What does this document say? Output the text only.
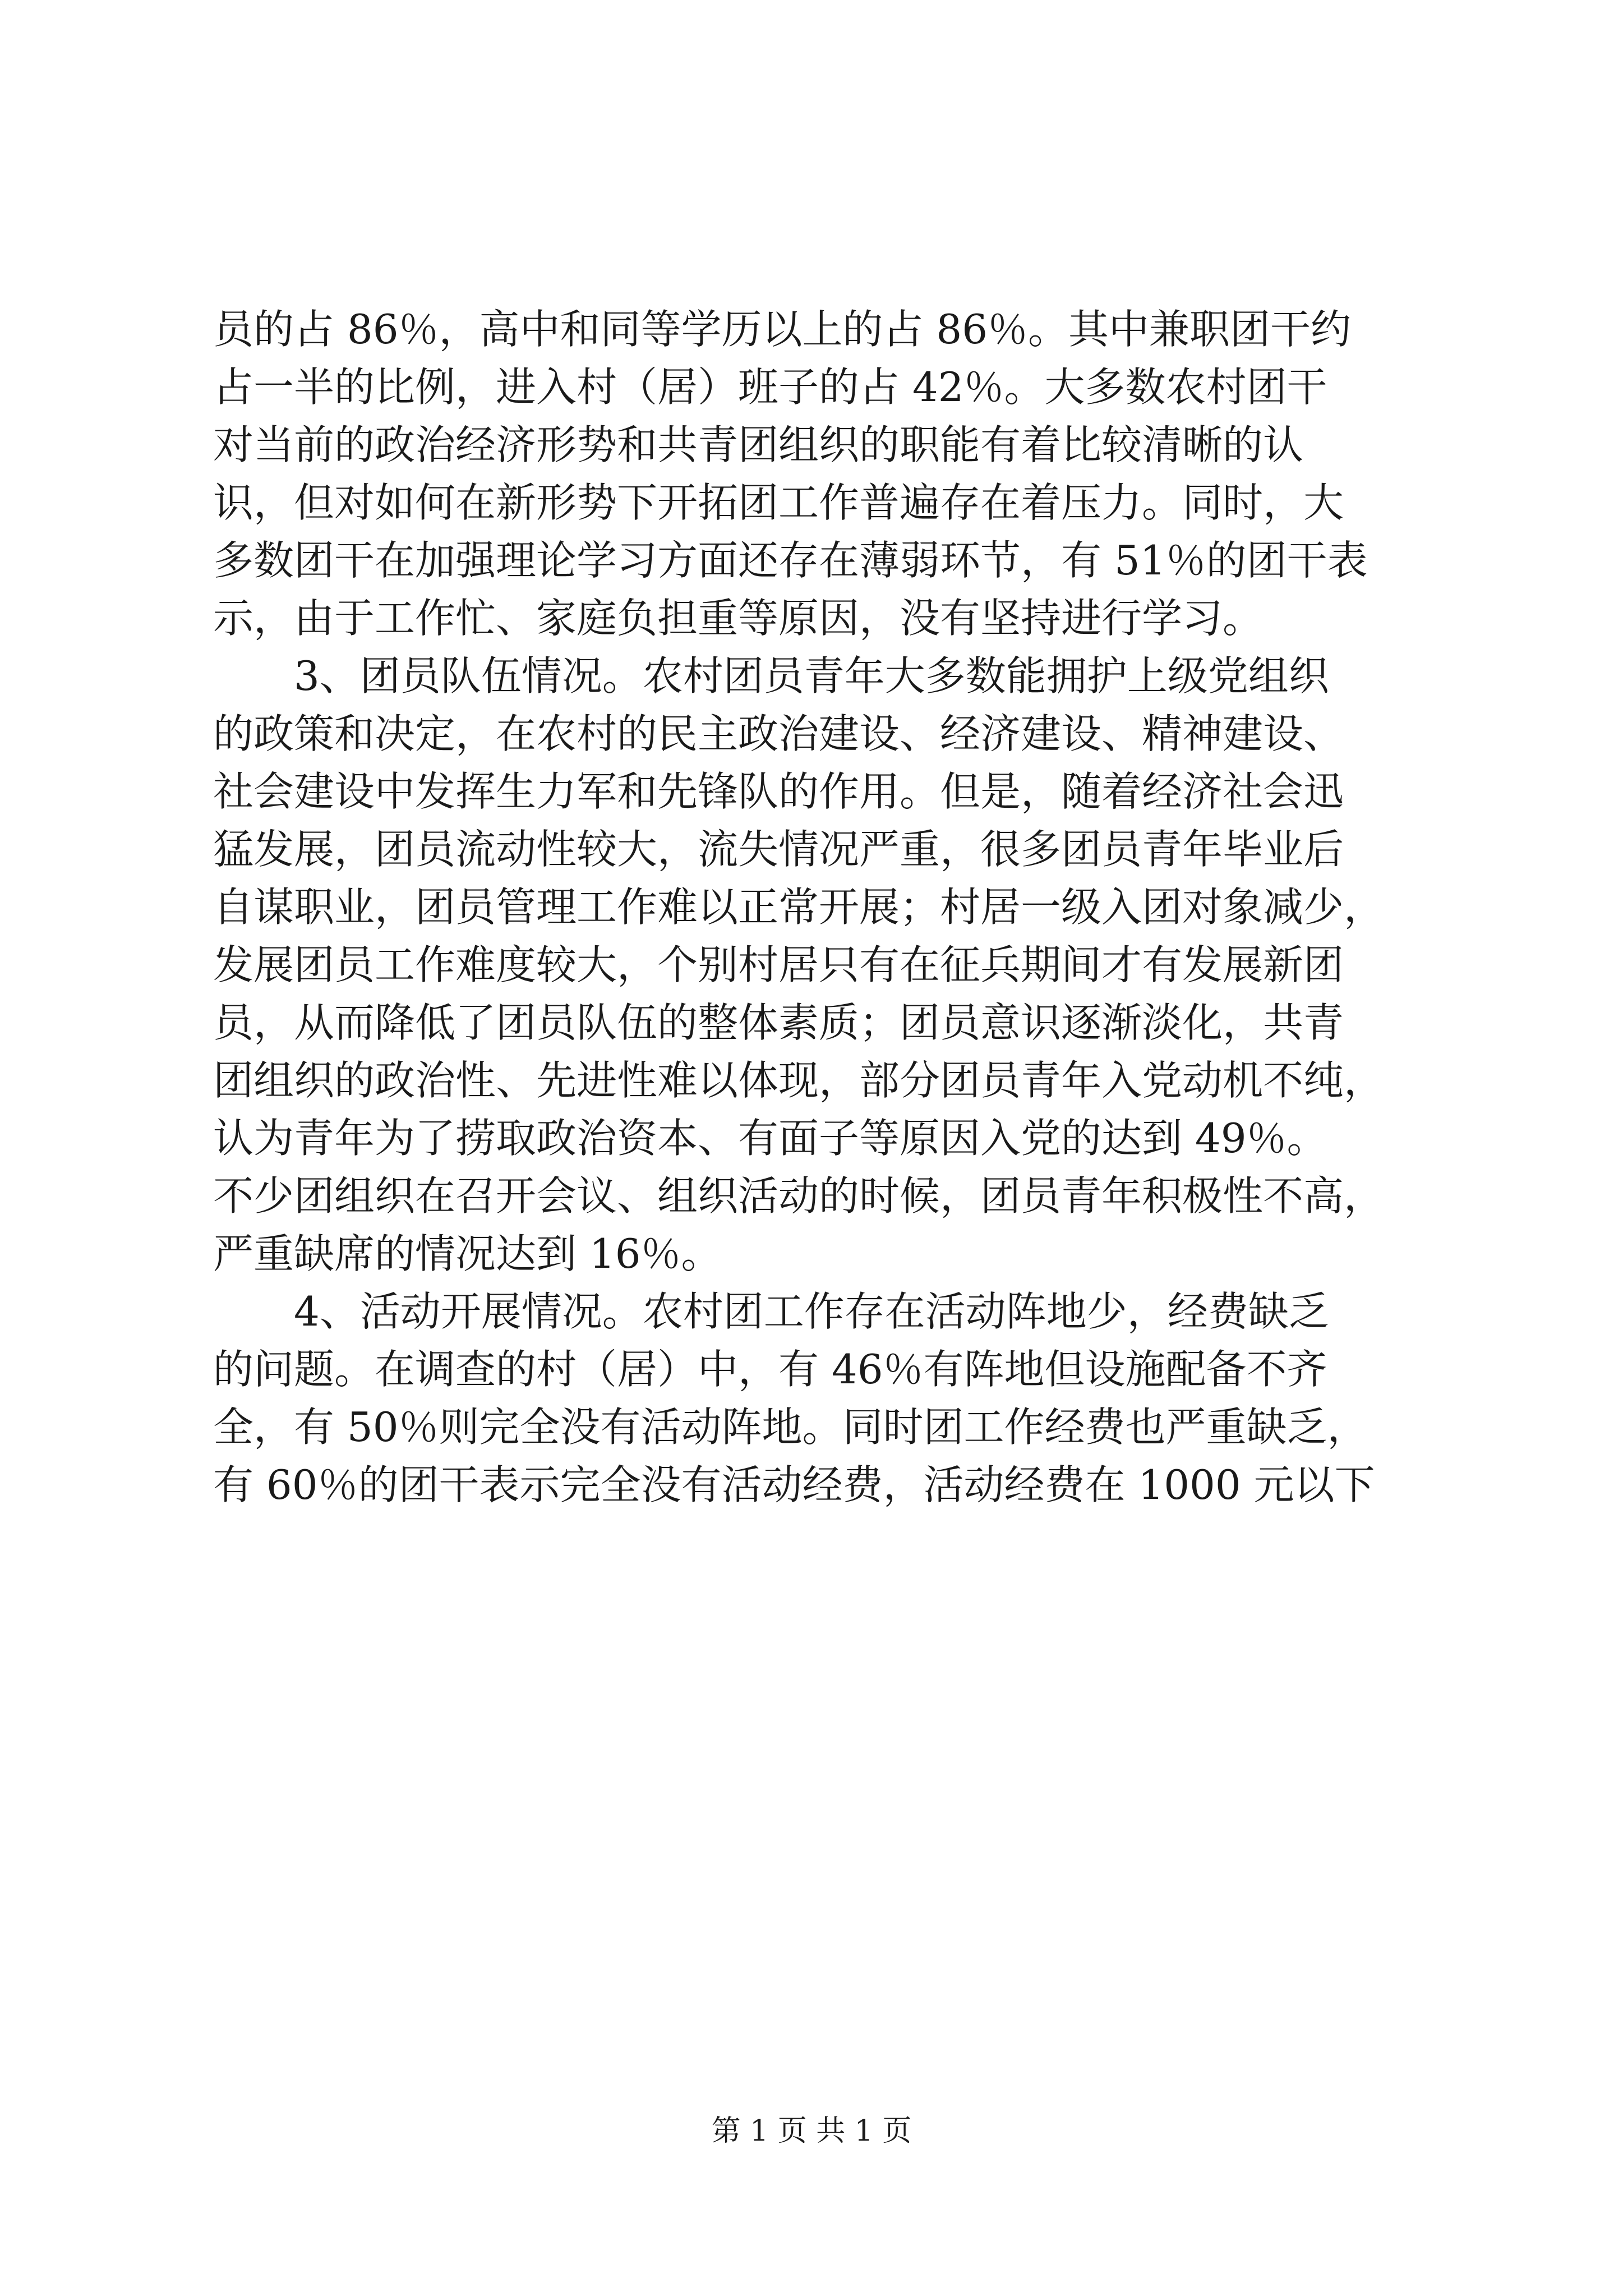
员的占 86％，高中和同等学历以上的占 86％。其中兼职团干约
占一半的比例，进入村（居）班子的占 42％。大多数农村团干
对当前的政治经济形势和共青团组织的职能有着比较清晰的认
识，但对如何在新形势下开拓团工作普遍存在着压力。同时，大
多数团干在加强理论学习方面还存在薄弱环节，有 51％的团干表
示，由于工作忙、家庭负担重等原因，没有坚持进行学习。
3、团员队伍情况。农村团员青年大多数能拥护上级党组织
的政策和决定，在农村的民主政治建设、经济建设、精神建设、
社会建设中发挥生力军和先锋队的作用。但是，随着经济社会迅
猛发展，团员流动性较大，流失情况严重，很多团员青年毕业后
自谋职业，团员管理工作难以正常开展；村居一级入团对象减少，
发展团员工作难度较大，个别村居只有在征兵期间才有发展新团
员，从而降低了团员队伍的整体素质；团员意识逐渐淡化，共青
团组织的政治性、先进性难以体现，部分团员青年入党动机不纯，
认为青年为了捞取政治资本、有面子等原因入党的达到 49％。
不少团组织在召开会议、组织活动的时候，团员青年积极性不高，
严重缺席的情况达到 16％。
4、活动开展情况。农村团工作存在活动阵地少，经费缺乏
的问题。在调查的村（居）中，有 46％有阵地但设施配备不齐
全，有 50％则完全没有活动阵地。同时团工作经费也严重缺乏，
有 60％的团干表示完全没有活动经费，活动经费在 1000 元以下
第 1 页 共 1 页
